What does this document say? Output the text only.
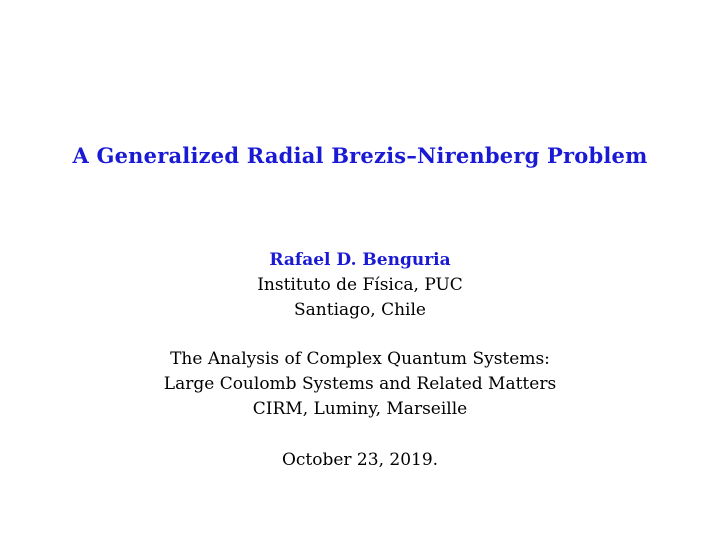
A Generalized Radial Brezis–Nirenberg Problem
Rafael D. Benguria
Instituto de Física, PUC
Santiago, Chile
The Analysis of Complex Quantum Systems:
Large Coulomb Systems and Related Matters
CIRM, Luminy, Marseille
October 23, 2019.
